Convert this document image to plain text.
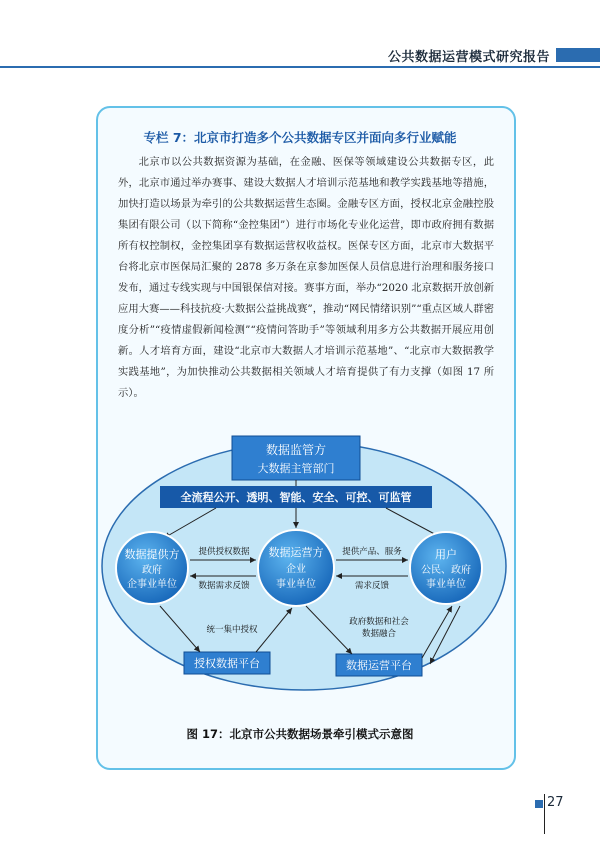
公共数据运营模式研究报告
专栏 7：北京市打造多个公共数据专区并面向多行业赋能

北京市以公共数据资源为基础，在金融、医保等领域建设公共数据专区，此外，北京市通过举办赛事、建设大数据人才培训示范基地和教学实践基地等措施，加快打造以场景为牵引的公共数据运营生态圈。金融专区方面，授权北京金融控股集团有限公司（以下简称“金控集团”）进行市场化专业化运营，即市政府拥有数据所有权控制权，金控集团享有数据运营权收益权。医保专区方面，北京市大数据平台将北京市医保局汇聚的 2878 多万条在京参加医保人员信息进行治理和服务接口发布，通过专线实现与中国银保信对接。赛事方面，举办“2020 北京数据开放创新应用大赛——科技抗疫·大数据公益挑战赛”，推动“网民情绪识别”“重点区域人群密度分析”“疫情虚假新闻检测”“疫情问答助手”等领域利用多方公共数据开展应用创新。人才培育方面，建设“北京市大数据人才培训示范基地”、“北京市大数据教学实践基地”，为加快推动公共数据相关领域人才培育提供了有力支撑（如图 17 所示）。

数据监管方
大数据主管部门
全流程公开、透明、智能、安全、可控、可监管
数据提供方
政府
企事业单位
数据运营方
企业
事业单位
用户
公民、政府
事业单位
提供授权数据
数据需求反馈
提供产品、服务
需求反馈
授权数据平台	数据运营平台
统一集中授权
政府数据和社会
数据融合
图 17：北京市公共数据场景牵引模式示意图
27
